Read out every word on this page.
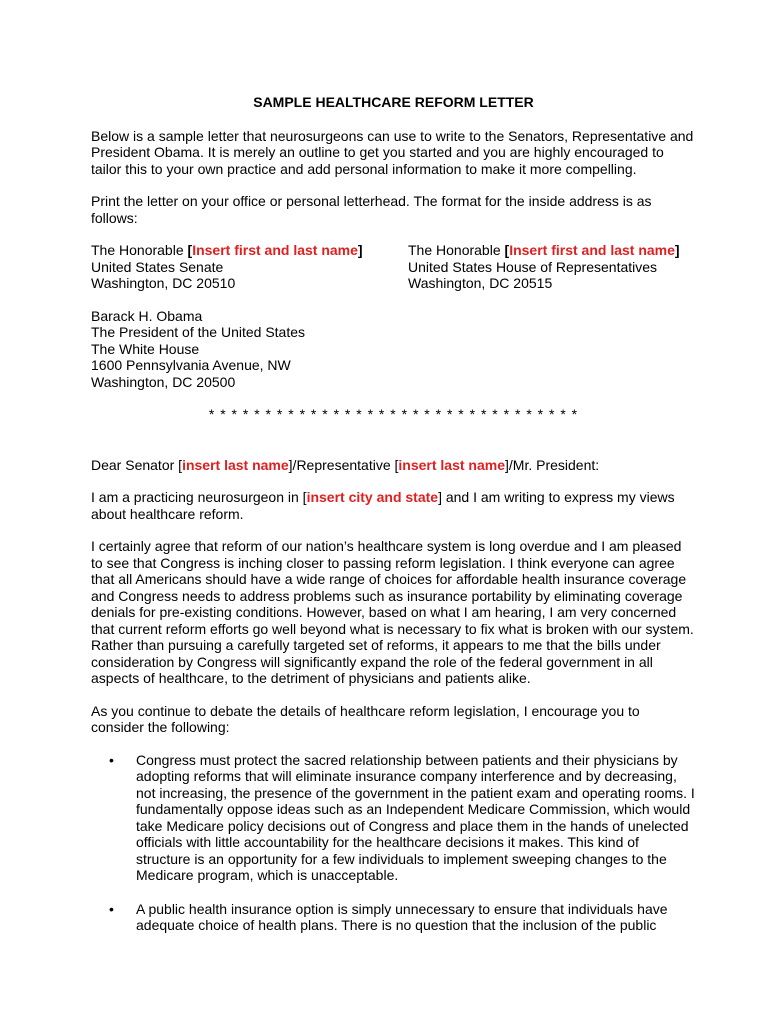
SAMPLE HEALTHCARE REFORM LETTER

Below is a sample letter that neurosurgeons can use to write to the Senators, Representative and President Obama. It is merely an outline to get you started and you are highly encouraged to tailor this to your own practice and add personal information to make it more compelling.

Print the letter on your office or personal letterhead. The format for the inside address is as follows:

The Honorable [Insert first and last name]
United States Senate
Washington, DC 20510
The Honorable [Insert first and last name]
United States House of Representatives
Washington, DC 20515

Barack H. Obama
The President of the United States
The White House
1600 Pennsylvania Avenue, NW
Washington, DC 20500

* * * * * * * * * * * * * * * * * * * * * * * * * * * * * * * * *

Dear Senator [insert last name]/Representative [insert last name]/Mr. President:

I am a practicing neurosurgeon in [insert city and state] and I am writing to express my views about healthcare reform.

I certainly agree that reform of our nation’s healthcare system is long overdue and I am pleased to see that Congress is inching closer to passing reform legislation. I think everyone can agree that all Americans should have a wide range of choices for affordable health insurance coverage and Congress needs to address problems such as insurance portability by eliminating coverage denials for pre-existing conditions. However, based on what I am hearing, I am very concerned that current reform efforts go well beyond what is necessary to fix what is broken with our system. Rather than pursuing a carefully targeted set of reforms, it appears to me that the bills under consideration by Congress will significantly expand the role of the federal government in all aspects of healthcare, to the detriment of physicians and patients alike.

As you continue to debate the details of healthcare reform legislation, I encourage you to consider the following:

• Congress must protect the sacred relationship between patients and their physicians by adopting reforms that will eliminate insurance company interference and by decreasing, not increasing, the presence of the government in the patient exam and operating rooms. I fundamentally oppose ideas such as an Independent Medicare Commission, which would take Medicare policy decisions out of Congress and place them in the hands of unelected officials with little accountability for the healthcare decisions it makes. This kind of structure is an opportunity for a few individuals to implement sweeping changes to the Medicare program, which is unacceptable.
• A public health insurance option is simply unnecessary to ensure that individuals have adequate choice of health plans. There is no question that the inclusion of the public
